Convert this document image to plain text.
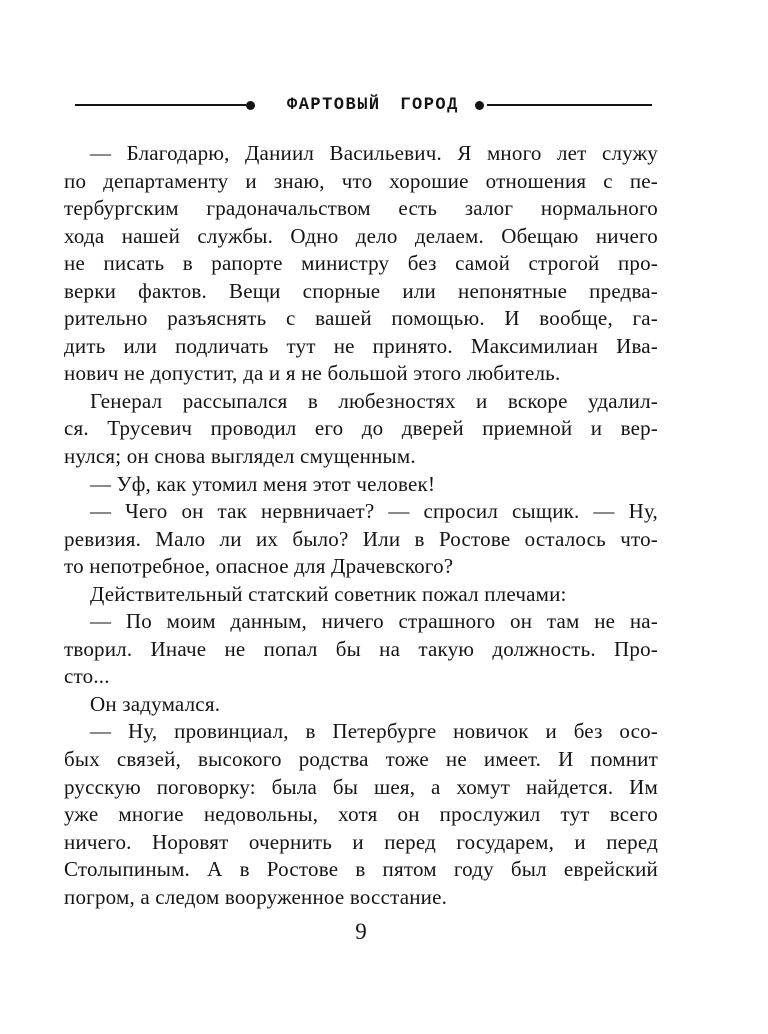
ФАРТОВЫЙ ГОРОД
— Благодарю, Даниил Васильевич. Я много лет служу
по департаменту и знаю, что хорошие отношения с пе-
тербургским градоначальством есть залог нормального
хода нашей службы. Одно дело делаем. Обещаю ничего
не писать в рапорте министру без самой строгой про-
верки фактов. Вещи спорные или непонятные предва-
рительно разъяснять с вашей помощью. И вообще, га-
дить или подличать тут не принято. Максимилиан Ива-
нович не допустит, да и я не большой этого любитель.
Генерал рассыпался в любезностях и вскоре удалил-
ся. Трусевич проводил его до дверей приемной и вер-
нулся; он снова выглядел смущенным.
— Уф, как утомил меня этот человек!
— Чего он так нервничает? — спросил сыщик. — Ну,
ревизия. Мало ли их было? Или в Ростове осталось что-
то непотребное, опасное для Драчевского?
Действительный статский советник пожал плечами:
— По моим данным, ничего страшного он там не на-
творил. Иначе не попал бы на такую должность. Про-
сто...
Он задумался.
— Ну, провинциал, в Петербурге новичок и без осо-
бых связей, высокого родства тоже не имеет. И помнит
русскую поговорку: была бы шея, а хомут найдется. Им
уже многие недовольны, хотя он прослужил тут всего
ничего. Норовят очернить и перед государем, и перед
Столыпиным. А в Ростове в пятом году был еврейский
погром, а следом вооруженное восстание.
9
